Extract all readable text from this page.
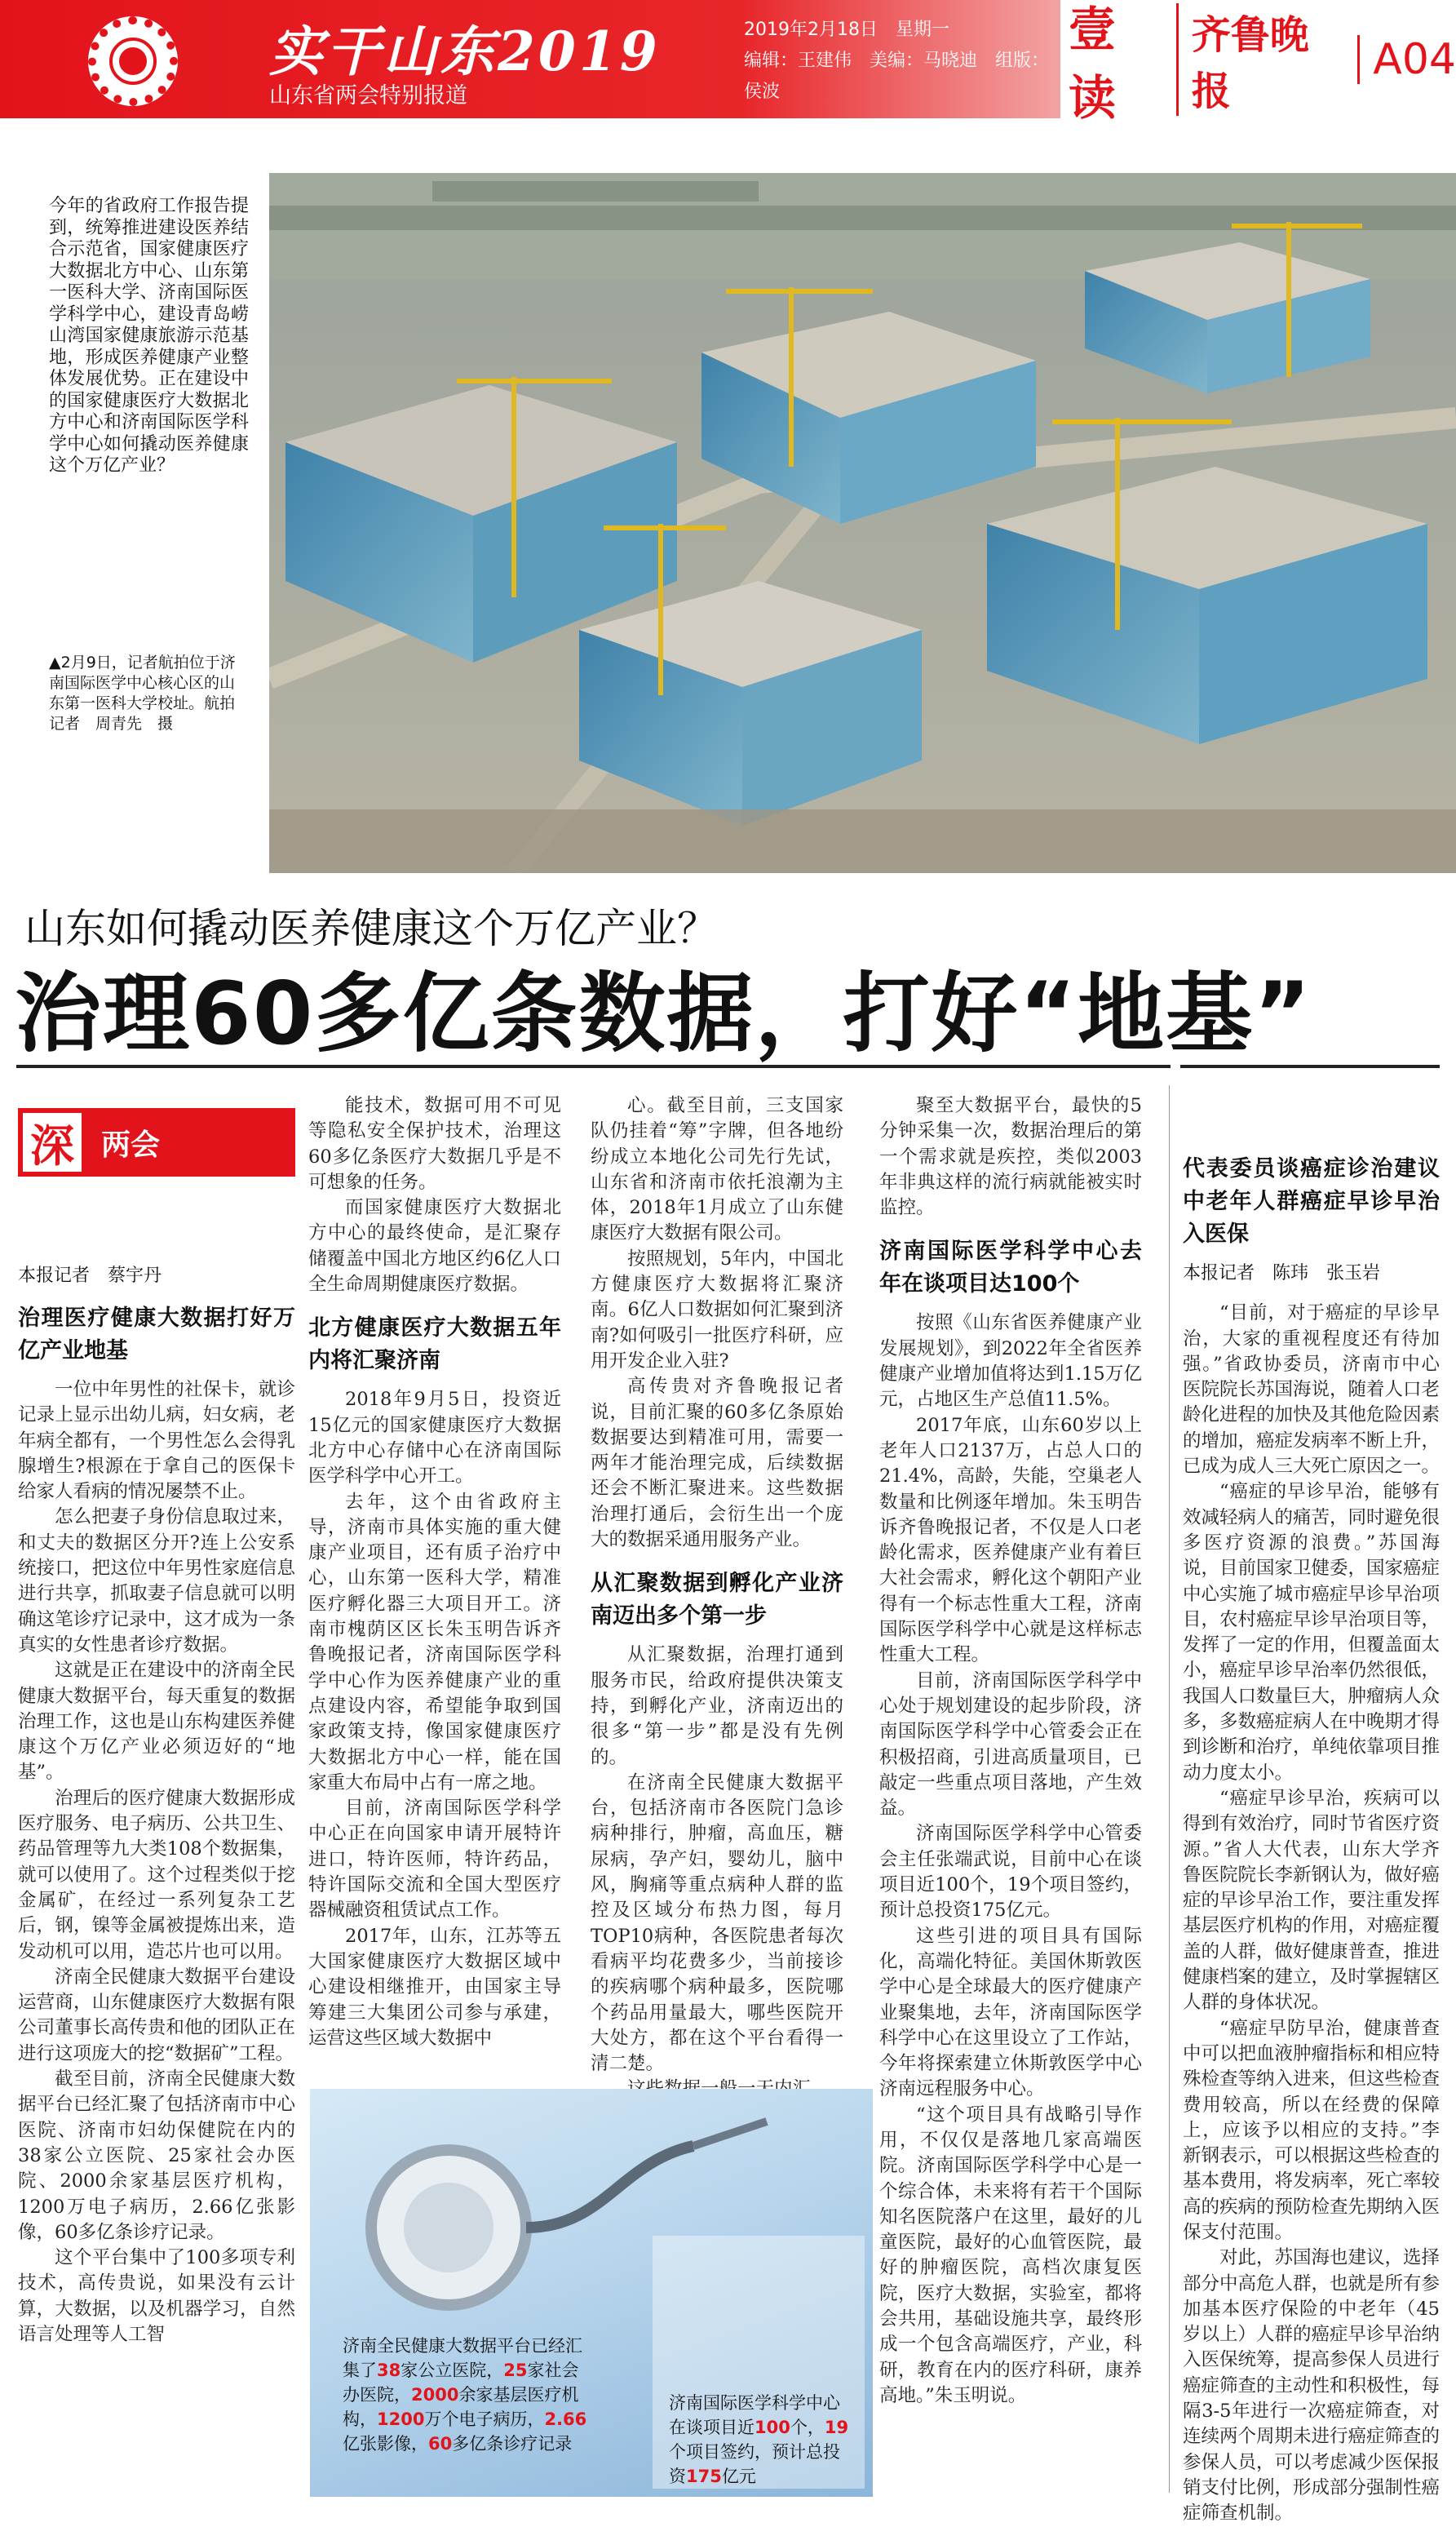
实干山东2019
山东省两会特别报道
2019年2月18日　星期一
编辑：王建伟　美编：马晓迪　组版：侯波
壹读
齐鲁晚报
A04
今年的省政府工作报告提到，统筹推进建设医养结合示范省，国家健康医疗大数据北方中心、山东第一医科大学、济南国际医学科学中心，建设青岛崂山湾国家健康旅游示范基地，形成医养健康产业整体发展优势。正在建设中的国家健康医疗大数据北方中心和济南国际医学科学中心如何撬动医养健康这个万亿产业？
▲2月9日，记者航拍位于济南国际医学中心核心区的山东第一医科大学校址。航拍记者　周青先　摄
山东如何撬动医养健康这个万亿产业？
治理60多亿条数据，打好“地基”
深 两会
本报记者　蔡宇丹
治理医疗健康大数据打好万亿产业地基

一位中年男性的社保卡，就诊记录上显示出幼儿病，妇女病，老年病全都有，一个男性怎么会得乳腺增生?根源在于拿自己的医保卡给家人看病的情况屡禁不止。

怎么把妻子身份信息取过来，和丈夫的数据区分开?连上公安系统接口，把这位中年男性家庭信息进行共享，抓取妻子信息就可以明确这笔诊疗记录中，这才成为一条真实的女性患者诊疗数据。

这就是正在建设中的济南全民健康大数据平台，每天重复的数据治理工作，这也是山东构建医养健康这个万亿产业必须迈好的“地基”。

治理后的医疗健康大数据形成医疗服务、电子病历、公共卫生、药品管理等九大类108个数据集，就可以使用了。这个过程类似于挖金属矿，在经过一系列复杂工艺后，钢，镍等金属被提炼出来，造发动机可以用，造芯片也可以用。

济南全民健康大数据平台建设运营商，山东健康医疗大数据有限公司董事长高传贵和他的团队正在进行这项庞大的挖“数据矿”工程。

截至目前，济南全民健康大数据平台已经汇聚了包括济南市中心医院、济南市妇幼保健院在内的38家公立医院、25家社会办医院、2000余家基层医疗机构，1200万电子病历，2.66亿张影像，60多亿条诊疗记录。

这个平台集中了100多项专利技术，高传贵说，如果没有云计算，大数据，以及机器学习，自然语言处理等人工智

能技术，数据可用不可见等隐私安全保护技术，治理这60多亿条医疗大数据几乎是不可想象的任务。

而国家健康医疗大数据北方中心的最终使命，是汇聚存储覆盖中国北方地区约6亿人口全生命周期健康医疗数据。

北方健康医疗大数据五年内将汇聚济南

2018年9月5日，投资近15亿元的国家健康医疗大数据北方中心存储中心在济南国际医学科学中心开工。

去年，这个由省政府主导，济南市具体实施的重大健康产业项目，还有质子治疗中心，山东第一医科大学，精准医疗孵化器三大项目开工。济南市槐荫区区长朱玉明告诉齐鲁晚报记者，济南国际医学科学中心作为医养健康产业的重点建设内容，希望能争取到国家政策支持，像国家健康医疗大数据北方中心一样，能在国家重大布局中占有一席之地。

目前，济南国际医学科学中心正在向国家申请开展特许进口，特许医师，特许药品，特许国际交流和全国大型医疗器械融资租赁试点工作。

2017年，山东，江苏等五大国家健康医疗大数据区域中心建设相继推开，由国家主导筹建三大集团公司参与承建，运营这些区域大数据中

心。截至目前，三支国家队仍挂着“筹”字牌，但各地纷纷成立本地化公司先行先试，山东省和济南市依托浪潮为主体，2018年1月成立了山东健康医疗大数据有限公司。

按照规划，5年内，中国北方健康医疗大数据将汇聚济南。6亿人口数据如何汇聚到济南?如何吸引一批医疗科研，应用开发企业入驻?

高传贵对齐鲁晚报记者说，目前汇聚的60多亿条原始数据要达到精准可用，需要一两年才能治理完成，后续数据还会不断汇聚进来。这些数据治理打通后，会衍生出一个庞大的数据采通用服务产业。

从汇聚数据到孵化产业济南迈出多个第一步

从汇聚数据，治理打通到服务市民，给政府提供决策支持，到孵化产业，济南迈出的很多“第一步”都是没有先例的。

在济南全民健康大数据平台，包括济南市各医院门急诊病种排行，肿瘤，高血压，糖尿病，孕产妇，婴幼儿，脑中风，胸痛等重点病种人群的监控及区域分布热力图，每月TOP10病种，各医院患者每次看病平均花费多少，当前接诊的疾病哪个病种最多，医院哪个药品用量最大，哪些医院开大处方，都在这个平台看得一清二楚。

聚至大数据平台，最快的5分钟采集一次，数据治理后的第一个需求就是疾控，类似2003年非典这样的流行病就能被实时监控。

济南国际医学科学中心去年在谈项目达100个

按照《山东省医养健康产业发展规划》，到2022年全省医养健康产业增加值将达到1.15万亿元，占地区生产总值11.5%。

2017年底，山东60岁以上老年人口2137万，占总人口的21.4%，高龄，失能，空巢老人数量和比例逐年增加。朱玉明告诉齐鲁晚报记者，不仅是人口老龄化需求，医养健康产业有着巨大社会需求，孵化这个朝阳产业得有一个标志性重大工程，济南国际医学科学中心就是这样标志性重大工程。

目前，济南国际医学科学中心处于规划建设的起步阶段，济南国际医学科学中心管委会正在积极招商，引进高质量项目，已敲定一些重点项目落地，产生效益。

济南国际医学科学中心管委会主任张端武说，目前中心在谈项目近100个，19个项目签约，预计总投资175亿元。

这些引进的项目具有国际化，高端化特征。美国休斯敦医学中心是全球最大的医疗健康产业聚集地，去年，济南国际医学科学中心在这里设立了工作站，今年将探索建立休斯敦医学中心济南远程服务中心。

“这个项目具有战略引导作用，不仅仅是落地几家高端医院。济南国际医学科学中心是一个综合体，未来将有若干个国际知名医院落户在这里，最好的儿童医院，最好的心血管医院，最好的肿瘤医院，高档次康复医院，医疗大数据，实验室，都将会共用，基础设施共享，最终形成一个包含高端医疗，产业，科研，教育在内的医疗科研，康养高地。”朱玉明说。

代表委员谈癌症诊治建议中老年人群癌症早诊早治入医保
本报记者　陈玮　张玉岩

“目前，对于癌症的早诊早治，大家的重视程度还有待加强。”省政协委员，济南市中心医院院长苏国海说，随着人口老龄化进程的加快及其他危险因素的增加，癌症发病率不断上升，已成为成人三大死亡原因之一。

“癌症的早诊早治，能够有效减轻病人的痛苦，同时避免很多医疗资源的浪费。”苏国海说，目前国家卫健委，国家癌症中心实施了城市癌症早诊早治项目，农村癌症早诊早治项目等，发挥了一定的作用，但覆盖面太小，癌症早诊早治率仍然很低，我国人口数量巨大，肿瘤病人众多，多数癌症病人在中晚期才得到诊断和治疗，单纯依靠项目推动力度太小。

“癌症早诊早治，疾病可以得到有效治疗，同时节省医疗资源。”省人大代表，山东大学齐鲁医院院长李新钢认为，做好癌症的早诊早治工作，要注重发挥基层医疗机构的作用，对癌症覆盖的人群，做好健康普查，推进健康档案的建立，及时掌握辖区人群的身体状况。

“癌症早防早治，健康普查中可以把血液肿瘤指标和相应特殊检查等纳入进来，但这些检查费用较高，所以在经费的保障上，应该予以相应的支持。”李新钢表示，可以根据这些检查的基本费用，将发病率，死亡率较高的疾病的预防检查先期纳入医保支付范围。

对此，苏国海也建议，选择部分中高危人群，也就是所有参加基本医疗保险的中老年（45岁以上）人群的癌症早诊早治纳入医保统筹，提高参保人员进行癌症筛查的主动性和积极性，每隔3-5年进行一次癌症筛查，对连续两个周期未进行癌症筛查的参保人员，可以考虑减少医保报销支付比例，形成部分强制性癌症筛查机制。

济南全民健康大数据平台已经汇集了38家公立医院，25家社会办医院，2000余家基层医疗机构，1200万个电子病历，2.66亿张影像，60多亿条诊疗记录
济南国际医学科学中心在谈项目近100个，19个项目签约，预计总投资175亿元
